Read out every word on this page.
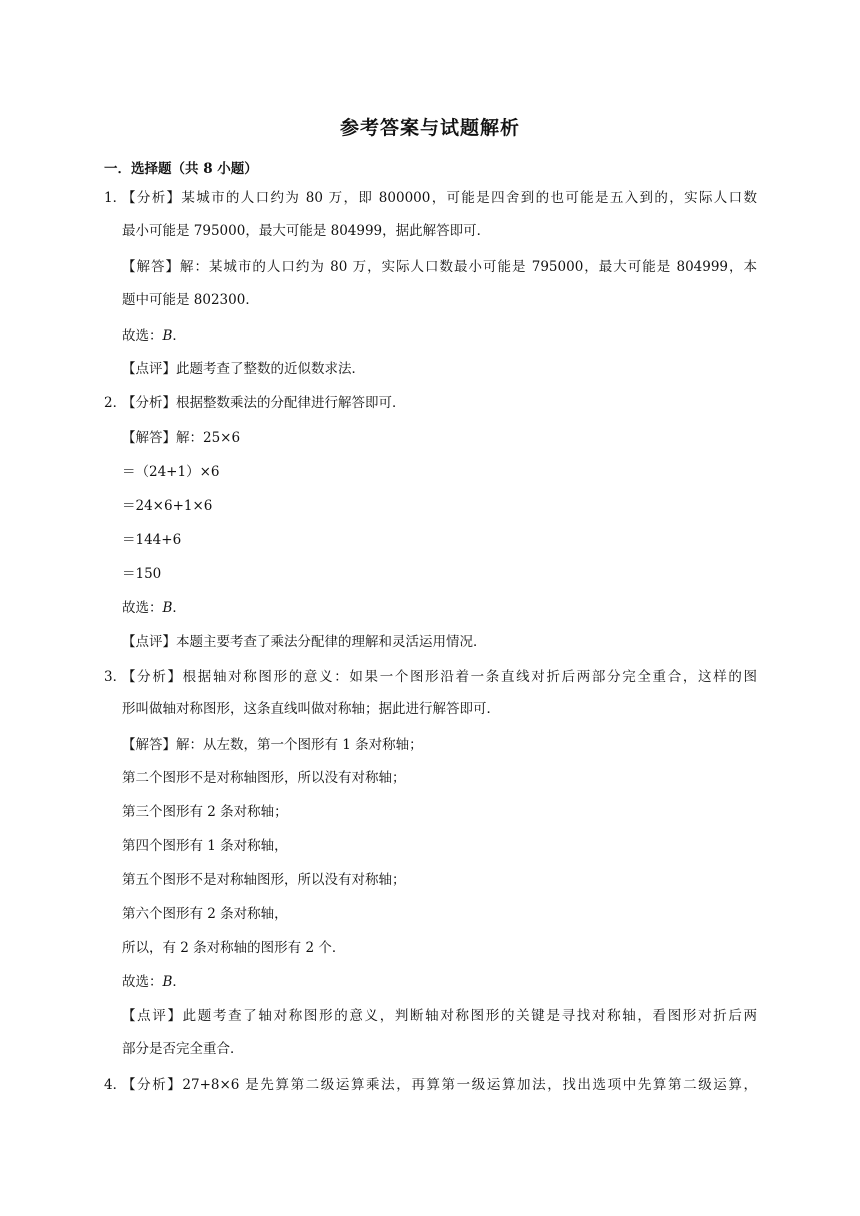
参考答案与试题解析
一．选择题（共 8 小题）
1．
【分析】某城市的人口约为 80 万，即 800000，可能是四舍到的也可能是五入到的，实际人口数
最小可能是 795000，最大可能是 804999，据此解答即可．
【解答】解：某城市的人口约为 80 万，实际人口数最小可能是 795000，最大可能是 804999，本
题中可能是 802300．
故选：B．
【点评】此题考查了整数的近似数求法．
2．
【分析】根据整数乘法的分配律进行解答即可．
【解答】解：25×6
＝（24+1）×6
＝24×6+1×6
＝144+6
＝150
故选：B．
【点评】本题主要考查了乘法分配律的理解和灵活运用情况．
3．
【分析】根据轴对称图形的意义：如果一个图形沿着一条直线对折后两部分完全重合，这样的图
形叫做轴对称图形，这条直线叫做对称轴；据此进行解答即可．
【解答】解：从左数，第一个图形有 1 条对称轴；
第二个图形不是对称轴图形，所以没有对称轴；
第三个图形有 2 条对称轴；
第四个图形有 1 条对称轴，
第五个图形不是对称轴图形，所以没有对称轴；
第六个图形有 2 条对称轴，
所以，有 2 条对称轴的图形有 2 个．
故选：B．
【点评】此题考查了轴对称图形的意义，判断轴对称图形的关键是寻找对称轴，看图形对折后两
部分是否完全重合．
4．
【分析】27+8×6 是先算第二级运算乘法，再算第一级运算加法，找出选项中先算第二级运算，
